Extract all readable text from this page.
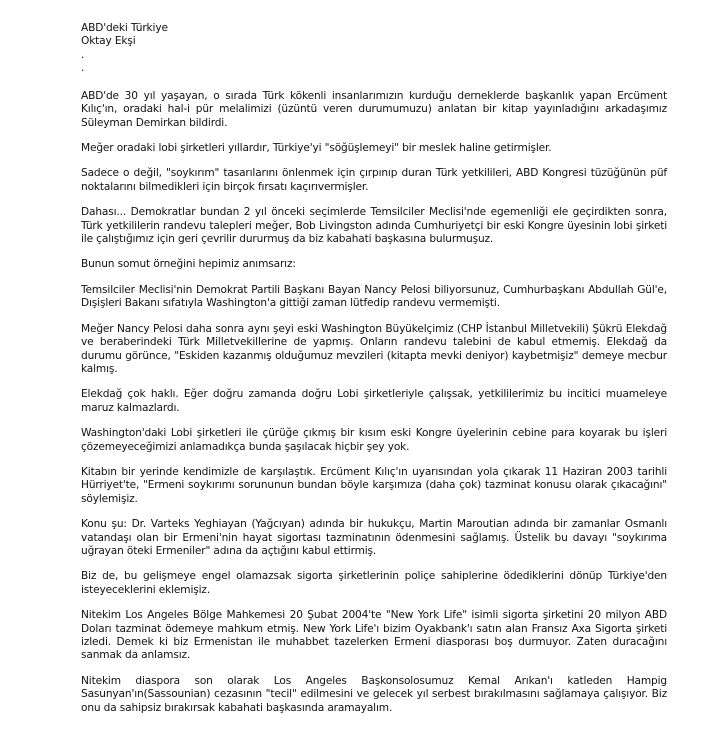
ABD'deki Türkiye

Oktay Ekşi

.

.

ABD'de 30 yıl yaşayan, o sırada Türk kökenli insanlarımızın kurduğu derneklerde başkanlık yapan Ercüment Kılıç'ın, oradaki hal-i pür melalimizi (üzüntü veren durumumuzu) anlatan bir kitap yayınladığını arkadaşımız Süleyman Demirkan bildirdi.

Meğer oradaki lobi şirketleri yıllardır, Türkiye'yi "söğüşlemeyi" bir meslek haline getirmişler.

Sadece o değil, "soykırım" tasarılarını önlenmek için çırpınıp duran Türk yetkilileri, ABD Kongresi tüzüğünün püf noktalarını bilmedikleri için birçok fırsatı kaçırıvermişler.

Dahası... Demokratlar bundan 2 yıl önceki seçimlerde Temsilciler Meclisi'nde egemenliği ele geçirdikten sonra, Türk yetkililerin randevu talepleri meğer, Bob Livingston adında Cumhuriyetçi bir eski Kongre üyesinin lobi şirketi ile çalıştığımız için geri çevrilir dururmuş da biz kabahati başkasına bulurmuşuz.

Bunun somut örneğini hepimiz anımsarız:

Temsilciler Meclisi'nin Demokrat Partili Başkanı Bayan Nancy Pelosi biliyorsunuz, Cumhurbaşkanı Abdullah Gül'e, Dışişleri Bakanı sıfatıyla Washington'a gittiği zaman lütfedip randevu vermemişti.

Meğer Nancy Pelosi daha sonra aynı şeyi eski Washington Büyükelçimiz (CHP İstanbul Milletvekili) Şükrü Elekdağ ve beraberindeki Türk Milletvekillerine de yapmış. Onların randevu talebini de kabul etmemiş. Elekdağ da durumu görünce, "Eskiden kazanmış olduğumuz mevzileri (kitapta mevki deniyor) kaybetmişiz" demeye mecbur kalmış.

Elekdağ çok haklı. Eğer doğru zamanda doğru Lobi şirketleriyle çalışsak, yetkililerimiz bu incitici muameleye maruz kalmazlardı.

Washington'daki Lobi şirketleri ile çürüğe çıkmış bir kısım eski Kongre üyelerinin cebine para koyarak bu işleri çözemeyeceğimizi anlamadıkça bunda şaşılacak hiçbir şey yok.

Kitabın bir yerinde kendimizle de karşılaştık. Ercüment Kılıç'ın uyarısından yola çıkarak 11 Haziran 2003 tarihli Hürriyet'te, "Ermeni soykırımı sorununun bundan böyle karşımıza (daha çok) tazminat konusu olarak çıkacağını" söylemişiz.

Konu şu: Dr. Varteks Yeghiayan (Yağcıyan) adında bir hukukçu, Martin Maroutian adında bir zamanlar Osmanlı vatandaşı olan bir Ermeni'nin hayat sigortası tazminatının ödenmesini sağlamış. Üstelik bu davayı "soykırıma uğrayan öteki Ermeniler" adına da açtığını kabul ettirmiş.

Biz de, bu gelişmeye engel olamazsak sigorta şirketlerinin poliçe sahiplerine ödediklerini dönüp Türkiye'den isteyeceklerini eklemişiz.

Nitekim Los Angeles Bölge Mahkemesi 20 Şubat 2004'te "New York Life" isimli sigorta şirketini 20 milyon ABD Doları tazminat ödemeye mahkum etmiş. New York Life'ı bizim Oyakbank'ı satın alan Fransız Axa Sigorta şirketi izledi. Demek ki biz Ermenistan ile muhabbet tazelerken Ermeni diasporası boş durmuyor. Zaten duracağını sanmak da anlamsız.

Nitekim diaspora son olarak Los Angeles Başkonsolosumuz Kemal Arıkan'ı katleden Hampig Sasunyan'ın(Sassounian) cezasının "tecil" edilmesini ve gelecek yıl serbest bırakılmasını sağlamaya çalışıyor. Biz onu da sahipsiz bırakırsak kabahati başkasında aramayalım.
